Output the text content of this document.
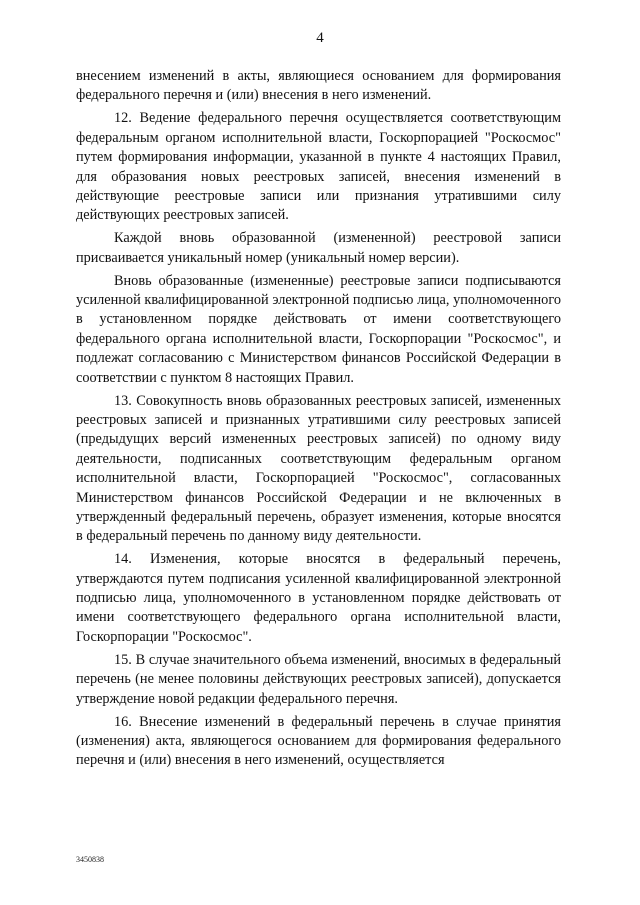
4

внесением изменений в акты, являющиеся основанием для формирования федерального перечня и (или) внесения в него изменений.

12. Ведение федерального перечня осуществляется соответствующим федеральным органом исполнительной власти, Госкорпорацией "Роскосмос" путем формирования информации, указанной в пункте 4 настоящих Правил, для образования новых реестровых записей, внесения изменений в действующие реестровые записи или признания утратившими силу действующих реестровых записей.

Каждой вновь образованной (измененной) реестровой записи присваивается уникальный номер (уникальный номер версии).

Вновь образованные (измененные) реестровые записи подписываются усиленной квалифицированной электронной подписью лица, уполномоченного в установленном порядке действовать от имени соответствующего федерального органа исполнительной власти, Госкорпорации "Роскосмос", и подлежат согласованию с Министерством финансов Российской Федерации в соответствии с пунктом 8 настоящих Правил.

13. Совокупность вновь образованных реестровых записей, измененных реестровых записей и признанных утратившими силу реестровых записей (предыдущих версий измененных реестровых записей) по одному виду деятельности, подписанных соответствующим федеральным органом исполнительной власти, Госкорпорацией "Роскосмос", согласованных Министерством финансов Российской Федерации и не включенных в утвержденный федеральный перечень, образует изменения, которые вносятся в федеральный перечень по данному виду деятельности.

14. Изменения, которые вносятся в федеральный перечень, утверждаются путем подписания усиленной квалифицированной электронной подписью лица, уполномоченного в установленном порядке действовать от имени соответствующего федерального органа исполнительной власти, Госкорпорации "Роскосмос".

15. В случае значительного объема изменений, вносимых в федеральный перечень (не менее половины действующих реестровых записей), допускается утверждение новой редакции федерального перечня.

16. Внесение изменений в федеральный перечень в случае принятия (изменения) акта, являющегося основанием для формирования федерального перечня и (или) внесения в него изменений, осуществляется

3450838
